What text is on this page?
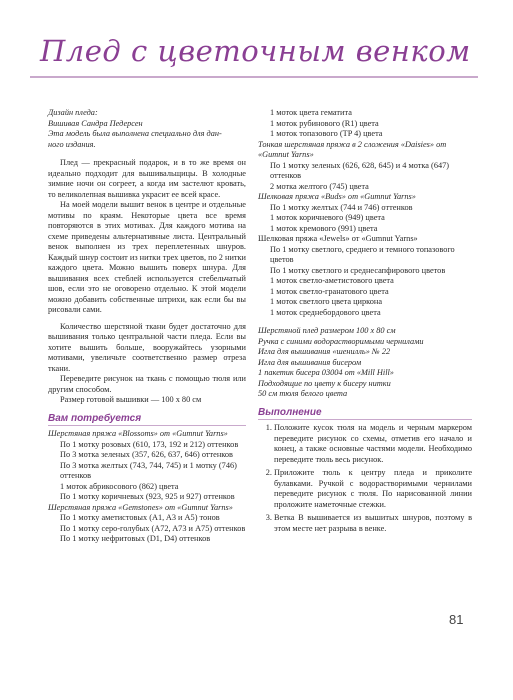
Плед с цветочным венком

Дизайн пледа:

Вишивая Сандра Педерсен

Эта модель была выполнена специально для дан-

ного издания.

Плед — прекрасный подарок, и в то же время он идеально подходит для вышивальщицы. В холодные зимние ночи он согреет, а когда им застелют кровать, то великолепная вышивка украсит ее всей красе.

На моей модели вышит венок в центре и отдельные мотивы по краям. Некоторые цвета все время повторяются в этих мотивах. Для каждого мотива на схеме приведены альтернативные листа. Центральный венок выполнен из трех переплетенных шнуров. Каждый шнур состоит из нитки трех цветов, по 2 нитки каждого цвета. Можно вышить поверх шнура. Для вышивания всех стеблей используется стебельчатый шов, если это не оговорено отдельно. К этой модели можно добавить собственные штрихи, как если бы вы рисовали сами.

Количество шерстяной ткани будет достаточно для вышивания только центральной части пледа. Если вы хотите вышить больше, вооружайтесь узорными мотивами, увеличьте соответственно размер отреза ткани.

Переведите рисунок на ткань с помощью тюля или другим способом.

Размер готовой вышивки — 100 х 80 см

Вам потребуется

Шерстяная пряжа «Blossoms» от «Gumnut Yarns»

По 1 мотку розовых (610, 173, 192 и 212) оттенков

По 3 мотка зеленых (357, 626, 637, 646) оттенков

По 3 мотка желтых (743, 744, 745) и 1 мотку (746) оттенков

1 моток абрикосового (862) цвета

По 1 мотку коричневых (923, 925 и 927) оттенков

Шерстяная пряжа «Gemstones» от «Gumnut Yarns»

По 1 мотку аметистовых (A1, A3 и A5) тонов

По 1 мотку серо-голубых (A72, A73 и A75) оттенков

По 1 мотку нефритовых (D1, D4) оттенков

1 моток цвета гематита

1 моток рубинового (R1) цвета

1 моток топазового (TP 4) цвета

Тонкая шерстяная пряжа в 2 сложения «Daisies» от «Gumnut Yarns»

По 1 мотку зеленых (626, 628, 645) и 4 мотка (647) оттенков

2 мотка желтого (745) цвета

Шелковая пряжа «Buds» от «Gumnut Yarns»

По 1 мотку желтых (744 и 746) оттенков

1 моток коричневого (949) цвета

1 моток кремового (991) цвета

Шелковая пряжа «Jewels» от «Gumnut Yarns»

По 1 мотку светлого, среднего и темного топазового цветов

По 1 мотку светлого и среднесапфирового цветов

1 моток светло-аметистового цвета

1 моток светло-гранатового цвета

1 моток светлого цвета циркона

1 моток среднебордового цвета

Шерстяной плед размером 100 х 80 см

Ручка с синими водорастворимыми чернилами

Игла для вышивания «шенилль» № 22

Игла для вышивания бисером

1 пакетик бисера 03004 от «Mill Hill»

Подходящие по цвету к бисеру нитки

50 см тюля белого цвета

Выполнение
1. Положите кусок тюля на модель и черным маркером переведите рисунок со схемы, отметив его начало и конец, а также основные частями модели. Необходимо переведите тюль весь рисунок.
2. Приложите тюль к центру пледа и приколите булавками. Ручкой с водорастворимыми чернилами переведите рисунок с тюля. По нарисованной линии проложите наметочные стежки.
3. Ветка В вышивается из вышитых шнуров, поэтому в этом месте нет разрыва в венке.
81
